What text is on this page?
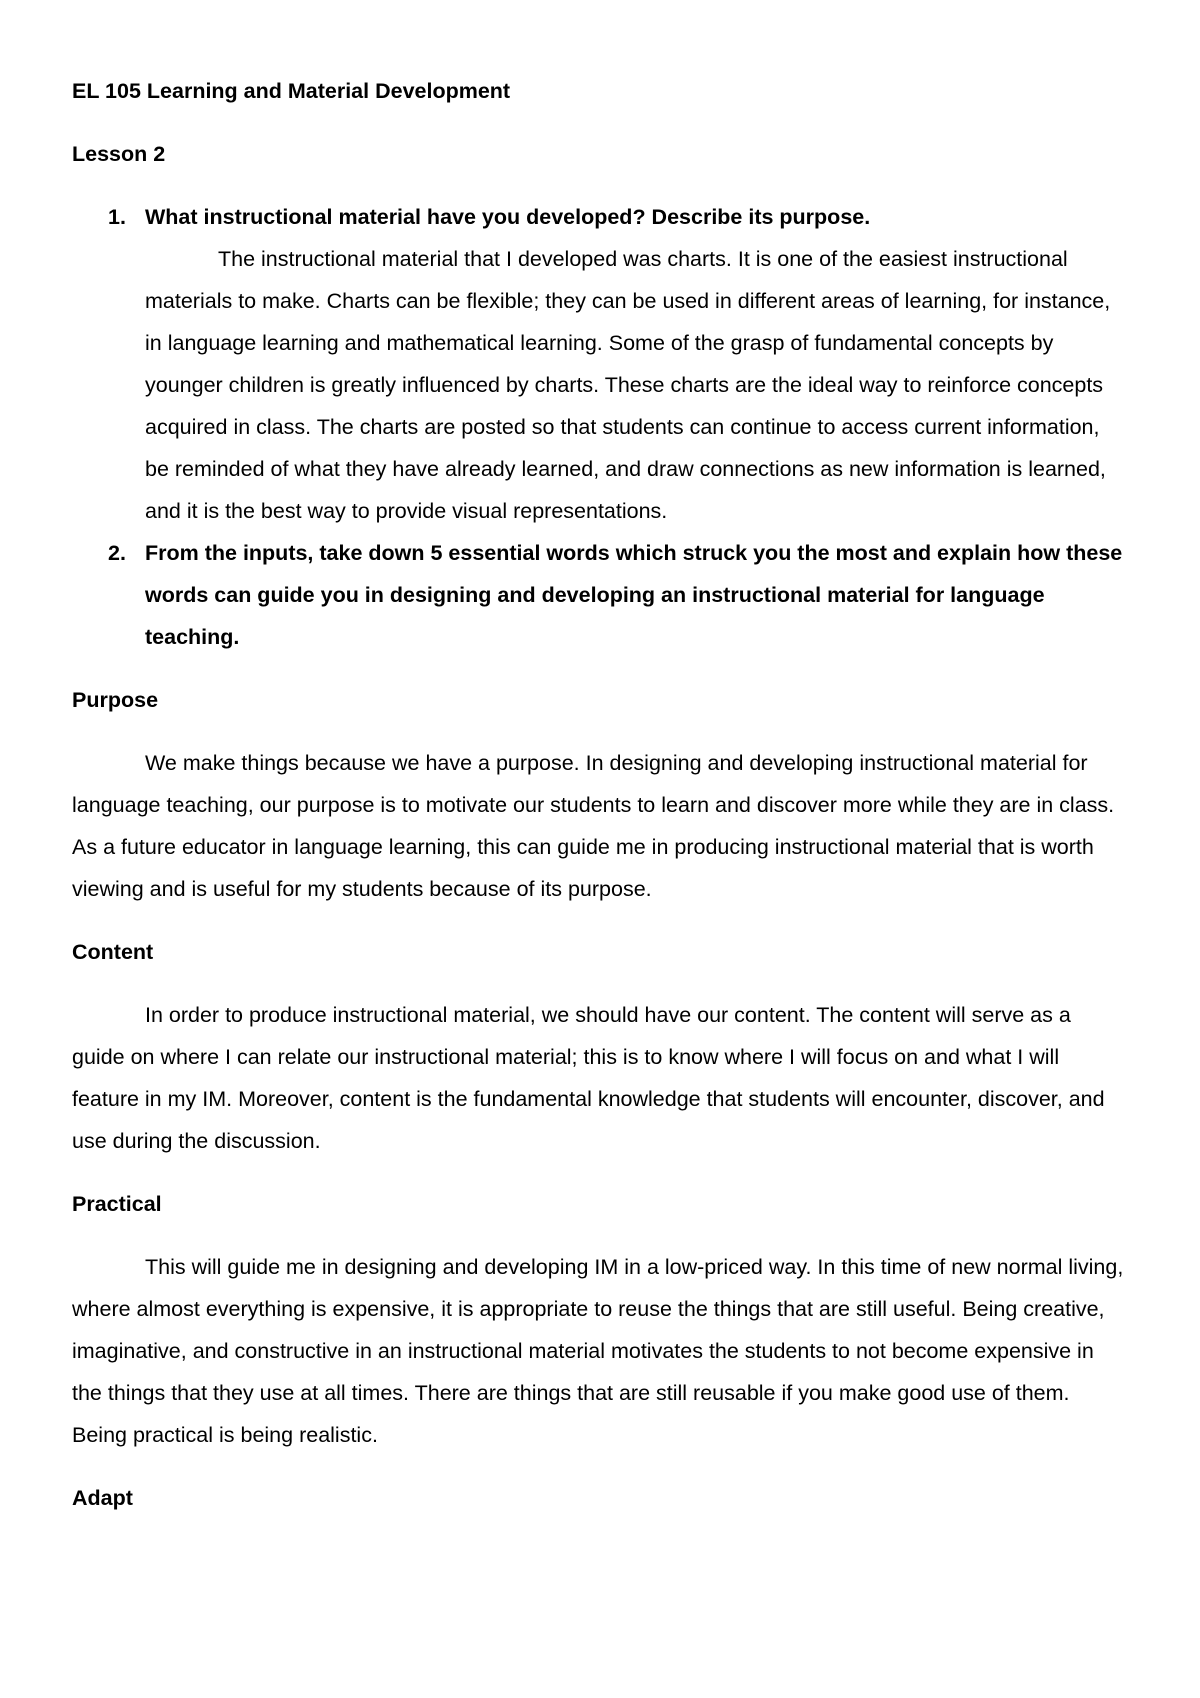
EL 105 Learning and Material Development
Lesson 2
1. What instructional material have you developed? Describe its purpose.

The instructional material that I developed was charts. It is one of the easiest instructional materials to make. Charts can be flexible; they can be used in different areas of learning, for instance, in language learning and mathematical learning. Some of the grasp of fundamental concepts by younger children is greatly influenced by charts. These charts are the ideal way to reinforce concepts acquired in class. The charts are posted so that students can continue to access current information, be reminded of what they have already learned, and draw connections as new information is learned, and it is the best way to provide visual representations.

2. From the inputs, take down 5 essential words which struck you the most and explain how these words can guide you in designing and developing an instructional material for language teaching.
Purpose

We make things because we have a purpose. In designing and developing instructional material for language teaching, our purpose is to motivate our students to learn and discover more while they are in class. As a future educator in language learning, this can guide me in producing instructional material that is worth viewing and is useful for my students because of its purpose.

Content

In order to produce instructional material, we should have our content. The content will serve as a guide on where I can relate our instructional material; this is to know where I will focus on and what I will feature in my IM. Moreover, content is the fundamental knowledge that students will encounter, discover, and use during the discussion.

Practical

This will guide me in designing and developing IM in a low-priced way. In this time of new normal living, where almost everything is expensive, it is appropriate to reuse the things that are still useful. Being creative, imaginative, and constructive in an instructional material motivates the students to not become expensive in the things that they use at all times. There are things that are still reusable if you make good use of them. Being practical is being realistic.

Adapt
